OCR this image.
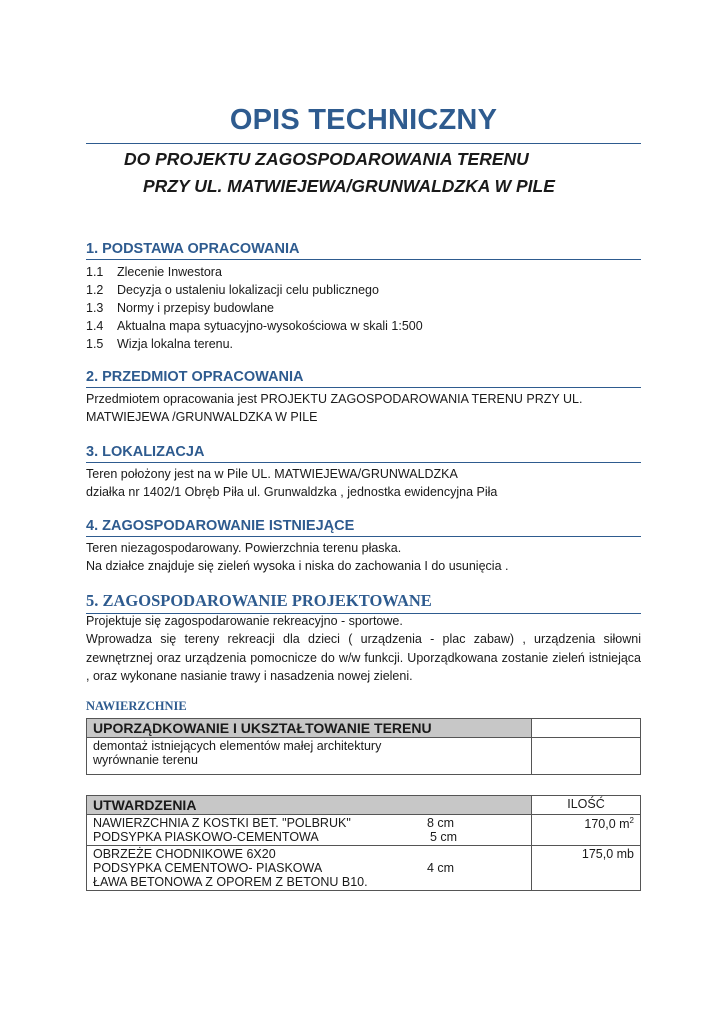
OPIS TECHNICZNY
DO PROJEKTU ZAGOSPODAROWANIA TERENU
PRZY UL. MATWIEJEWA/GRUNWALDZKA W PILE
1. PODSTAWA OPRACOWANIA
1.1 Zlecenie Inwestora
1.2 Decyzja o ustaleniu lokalizacji celu publicznego
1.3 Normy i przepisy budowlane
1.4 Aktualna mapa sytuacyjno-wysokościowa w skali 1:500
1.5 Wizja lokalna terenu.
2. PRZEDMIOT OPRACOWANIA
Przedmiotem opracowania jest PROJEKTU ZAGOSPODAROWANIA TERENU PRZY UL.
MATWIEJEWA /GRUNWALDZKA W PILE
3. LOKALIZACJA
Teren położony jest na w Pile UL. MATWIEJEWA/GRUNWALDZKA
działka nr 1402/1 Obręb Piła ul. Grunwaldzka , jednostka ewidencyjna Piła
4. ZAGOSPODAROWANIE ISTNIEJĄCE
Teren niezagospodarowany. Powierzchnia terenu płaska.
Na działce znajduje się zieleń wysoka i niska do zachowania I do usunięcia .
5. ZAGOSPODAROWANIE PROJEKTOWANE
Projektuje się zagospodarowanie rekreacyjno - sportowe.
Wprowadza się tereny rekreacji dla dzieci ( urządzenia - plac zabaw) , urządzenia siłowni zewnętrznej oraz urządzenia pomocnicze do w/w funkcji. Uporządkowana zostanie zieleń istniejąca , oraz wykonane nasianie trawy i nasadzenia nowej zieleni.
NAWIERZCHNIE
UPORZĄDKOWANIE I UKSZTAŁTOWANIE TERENU	

demontaż istniejących elementów małej architektury
wyrównanie terenu	

UTWARDZENIA	ILOŚĆ

NAWIERZCHNIA Z KOSTKI BET. "POLBRUK" 8 cm
PODSYPKA PIASKOWO-CEMENTOWA 5 cm	170,0 $m^2$

OBRZEŻE CHODNIKOWE 6X20
PODSYPKA CEMENTOWO- PIASKOWA 4 cm
ŁAWA BETONOWA Z OPOREM Z BETONU B10.	175,0 mb
